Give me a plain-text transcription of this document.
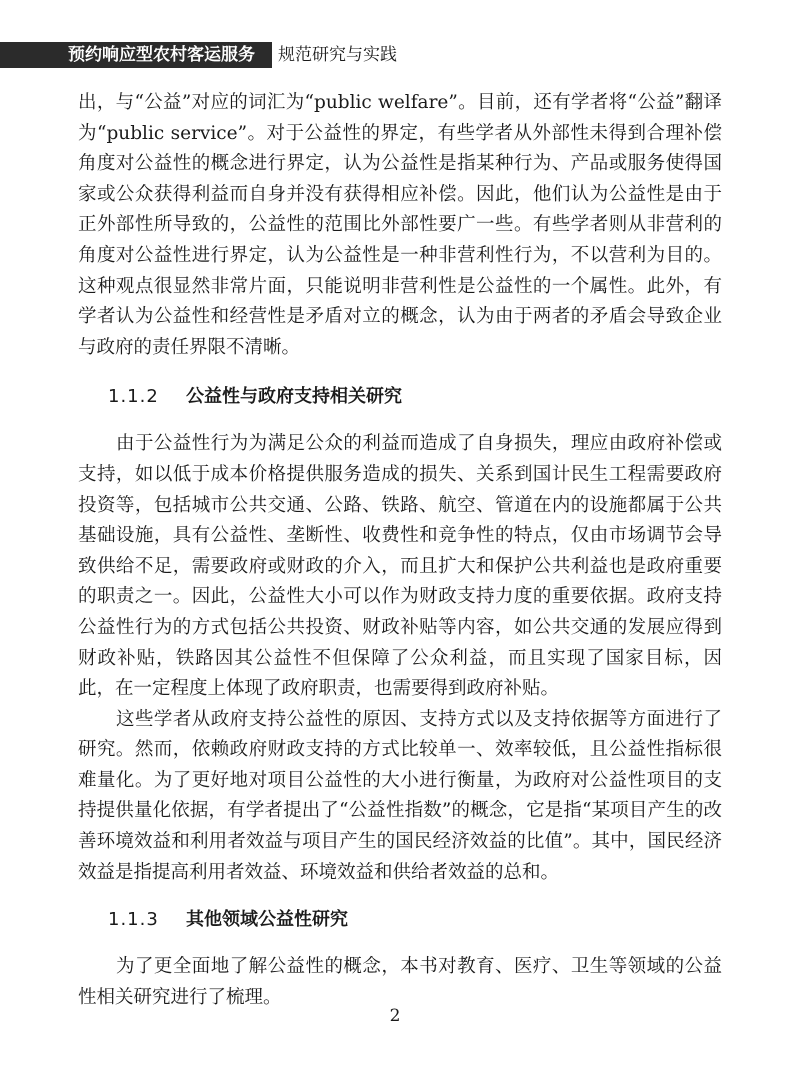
预约响应型农村客运服务 规范研究与实践

出，与“公益”对应的词汇为“public welfare”。目前，还有学者将“公益”翻译为“public service”。对于公益性的界定，有些学者从外部性未得到合理补偿角度对公益性的概念进行界定，认为公益性是指某种行为、产品或服务使得国家或公众获得利益而自身并没有获得相应补偿。因此，他们认为公益性是由于正外部性所导致的，公益性的范围比外部性要广一些。有些学者则从非营利的角度对公益性进行界定，认为公益性是一种非营利性行为，不以营利为目的。这种观点很显然非常片面，只能说明非营利性是公益性的一个属性。此外，有学者认为公益性和经营性是矛盾对立的概念，认为由于两者的矛盾会导致企业与政府的责任界限不清晰。

1.1.2 公益性与政府支持相关研究

由于公益性行为为满足公众的利益而造成了自身损失，理应由政府补偿或支持，如以低于成本价格提供服务造成的损失、关系到国计民生工程需要政府投资等，包括城市公共交通、公路、铁路、航空、管道在内的设施都属于公共基础设施，具有公益性、垄断性、收费性和竞争性的特点，仅由市场调节会导致供给不足，需要政府或财政的介入，而且扩大和保护公共利益也是政府重要的职责之一。因此，公益性大小可以作为财政支持力度的重要依据。政府支持公益性行为的方式包括公共投资、财政补贴等内容，如公共交通的发展应得到财政补贴，铁路因其公益性不但保障了公众利益，而且实现了国家目标，因此，在一定程度上体现了政府职责，也需要得到政府补贴。

这些学者从政府支持公益性的原因、支持方式以及支持依据等方面进行了研究。然而，依赖政府财政支持的方式比较单一、效率较低，且公益性指标很难量化。为了更好地对项目公益性的大小进行衡量，为政府对公益性项目的支持提供量化依据，有学者提出了“公益性指数”的概念，它是指“某项目产生的改善环境效益和利用者效益与项目产生的国民经济效益的比值”。其中，国民经济效益是指提高利用者效益、环境效益和供给者效益的总和。

1.1.3 其他领域公益性研究

为了更全面地了解公益性的概念，本书对教育、医疗、卫生等领域的公益性相关研究进行了梳理。

2
